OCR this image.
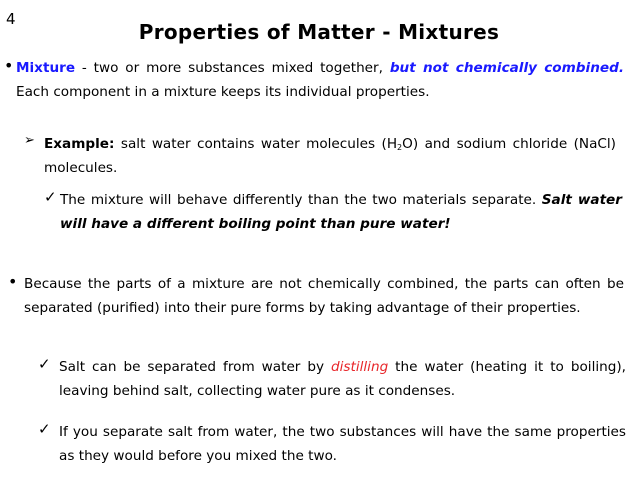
4
Properties of Matter - Mixtures
• Mixture - two or more substances mixed together, but not chemically combined. Each component in a mixture keeps its individual properties.
➢ Example: salt water contains water molecules $(H_2O)$ and sodium chloride (NaCl) molecules.
✓ The mixture will behave differently than the two materials separate. Salt water will have a different boiling point than pure water!
• Because the parts of a mixture are not chemically combined, the parts can often be separated (purified) into their pure forms by taking advantage of their properties.
✓ Salt can be separated from water by distilling the water (heating it to boiling), leaving behind salt, collecting water pure as it condenses.
✓ If you separate salt from water, the two substances will have the same properties as they would before you mixed the two.
